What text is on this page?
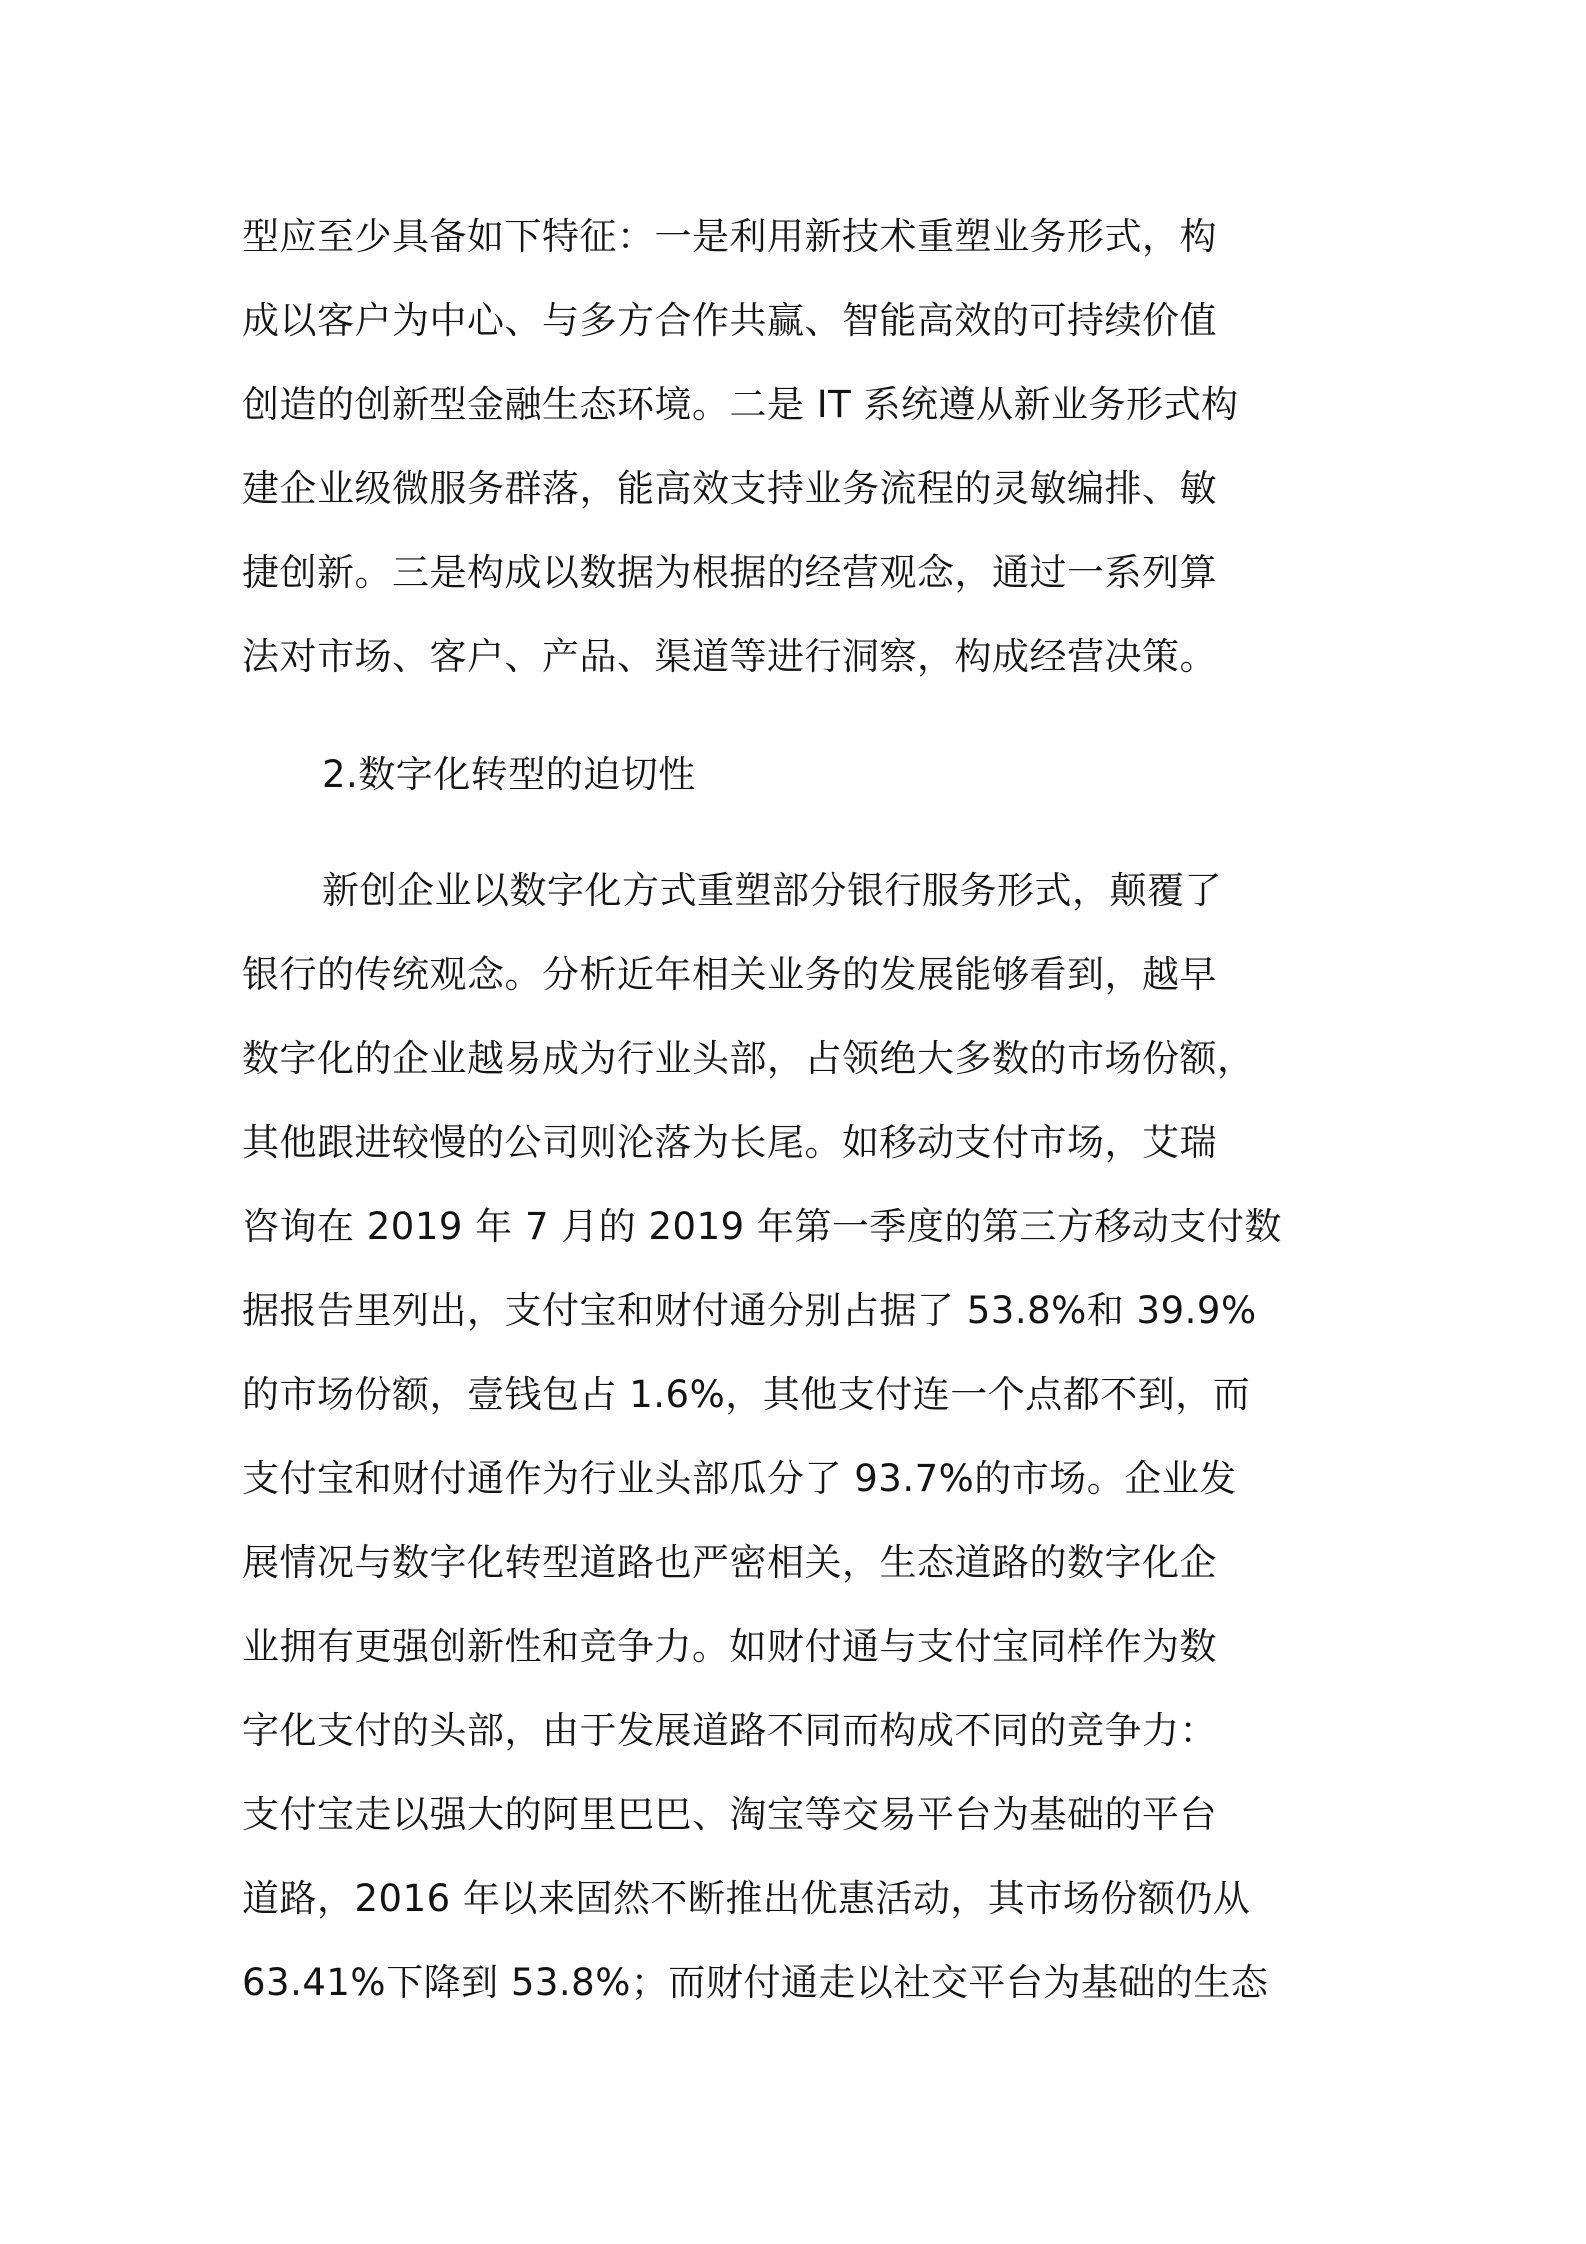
型应至少具备如下特征：一是利用新技术重塑业务形式，构
成以客户为中心、与多方合作共赢、智能高效的可持续价值
创造的创新型金融生态环境。二是 IT 系统遵从新业务形式构
建企业级微服务群落，能高效支持业务流程的灵敏编排、敏
捷创新。三是构成以数据为根据的经营观念，通过一系列算
法对市场、客户、产品、渠道等进行洞察，构成经营决策。
2.数字化转型的迫切性
新创企业以数字化方式重塑部分银行服务形式，颠覆了
银行的传统观念。分析近年相关业务的发展能够看到，越早
数字化的企业越易成为行业头部，占领绝大多数的市场份额，
其他跟进较慢的公司则沦落为长尾。如移动支付市场，艾瑞
咨询在 2019 年 7 月的 2019 年第一季度的第三方移动支付数
据报告里列出，支付宝和财付通分别占据了 53.8%和 39.9%
的市场份额，壹钱包占 1.6%，其他支付连一个点都不到，而
支付宝和财付通作为行业头部瓜分了 93.7%的市场。企业发
展情况与数字化转型道路也严密相关，生态道路的数字化企
业拥有更强创新性和竞争力。如财付通与支付宝同样作为数
字化支付的头部，由于发展道路不同而构成不同的竞争力：
支付宝走以强大的阿里巴巴、淘宝等交易平台为基础的平台
道路，2016 年以来固然不断推出优惠活动，其市场份额仍从
63.41%下降到 53.8%；而财付通走以社交平台为基础的生态
